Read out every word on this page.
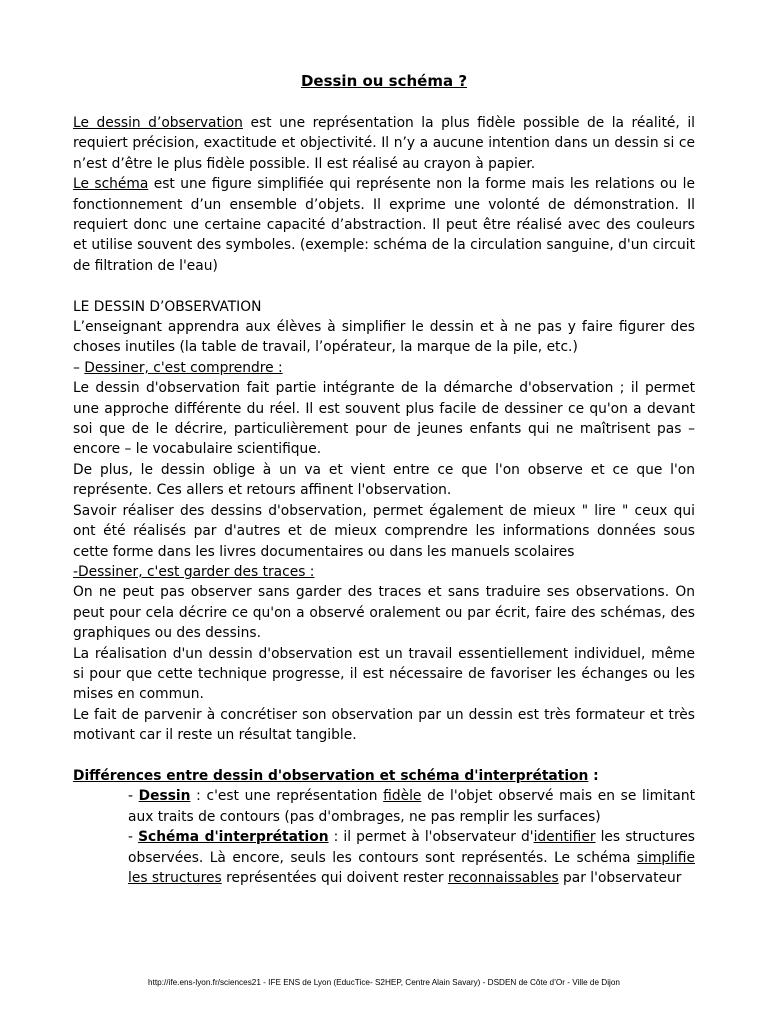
Dessin ou schéma ?

Le dessin d’observation est une représentation la plus fidèle possible de la réalité, il requiert précision, exactitude et objectivité. Il n’y a aucune intention dans un dessin si ce n’est d’être le plus fidèle possible. Il est réalisé au crayon à papier.

Le schéma est une figure simplifiée qui représente non la forme mais les relations ou le fonctionnement d’un ensemble d’objets. Il exprime une volonté de démonstration. Il requiert donc une certaine capacité d’abstraction. Il peut être réalisé avec des couleurs et utilise souvent des symboles. (exemple: schéma de la circulation sanguine, d'un circuit de filtration de l'eau)

LE DESSIN D’OBSERVATION

L’enseignant apprendra aux élèves à simplifier le dessin et à ne pas y faire figurer des choses inutiles (la table de travail, l’opérateur, la marque de la pile, etc.)

– Dessiner, c'est comprendre :

Le dessin d'observation fait partie intégrante de la démarche d'observation ; il permet une approche différente du réel. Il est souvent plus facile de dessiner ce qu'on a devant soi que de le décrire, particulièrement pour de jeunes enfants qui ne maîtrisent pas – encore – le vocabulaire scientifique.

De plus, le dessin oblige à un va et vient entre ce que l'on observe et ce que l'on représente. Ces allers et retours affinent l'observation.

Savoir réaliser des dessins d'observation, permet également de mieux " lire " ceux qui ont été réalisés par d'autres et de mieux comprendre les informations données sous cette forme dans les livres documentaires ou dans les manuels scolaires

-Dessiner, c'est garder des traces :

On ne peut pas observer sans garder des traces et sans traduire ses observations. On peut pour cela décrire ce qu'on a observé oralement ou par écrit, faire des schémas, des graphiques ou des dessins.

La réalisation d'un dessin d'observation est un travail essentiellement individuel, même si pour que cette technique progresse, il est nécessaire de favoriser les échanges ou les mises en commun.

Le fait de parvenir à concrétiser son observation par un dessin est très formateur et très motivant car il reste un résultat tangible.

Différences entre dessin d'observation et schéma d'interprétation :

- Dessin : c'est une représentation fidèle de l'objet observé mais en se limitant aux traits de contours (pas d'ombrages, ne pas remplir les surfaces)

- Schéma d'interprétation : il permet à l'observateur d'identifier les structures observées. Là encore, seuls les contours sont représentés. Le schéma simplifie les structures représentées qui doivent rester reconnaissables par l'observateur

http://ife.ens-lyon.fr/sciences21 - IFE ENS de Lyon (EducTice- S2HEP, Centre Alain Savary) - DSDEN de Côte d’Or - Ville de Dijon
